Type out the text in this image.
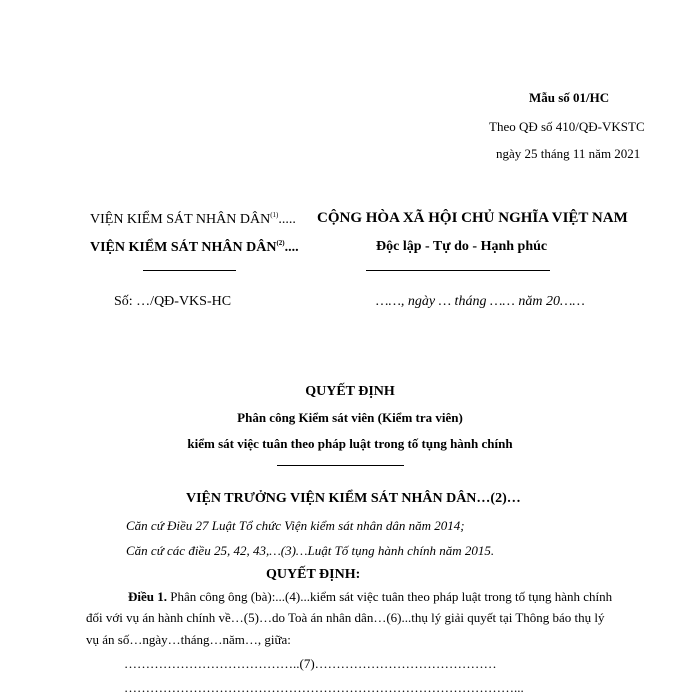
Mẫu số 01/HC
Theo QĐ số 410/QĐ-VKSTC
ngày 25 tháng 11 năm 2021
VIỆN KIỂM SÁT NHÂN DÂN$^{(1)}$.....
VIỆN KIỂM SÁT NHÂN DÂN$^{(2)}$....
Số: …/QĐ-VKS-HC
CỘNG HÒA XÃ HỘI CHỦ NGHĨA VIỆT NAM
Độc lập - Tự do - Hạnh phúc
……, ngày … tháng …… năm 20……
QUYẾT ĐỊNH
Phân công Kiểm sát viên (Kiểm tra viên)
kiểm sát việc tuân theo pháp luật trong tố tụng hành chính
VIỆN TRƯỞNG VIỆN KIỂM SÁT NHÂN DÂN…(2)…
Căn cứ Điều 27 Luật Tổ chức Viện kiểm sát nhân dân năm 2014;
Căn cứ các điều 25, 42, 43,…(3)…Luật Tố tụng hành chính năm 2015.
QUYẾT ĐỊNH:
Điều 1. Phân công ông (bà):...(4)...kiểm sát việc tuân theo pháp luật trong tố tụng hành chính
đối với vụ án hành chính về…(5)…do Toà án nhân dân…(6)...thụ lý giải quyết tại Thông báo thụ lý
vụ án số…ngày…tháng…năm…, giữa:
…………………………………..(7)……………………………………
………………………………………………………………………………...
